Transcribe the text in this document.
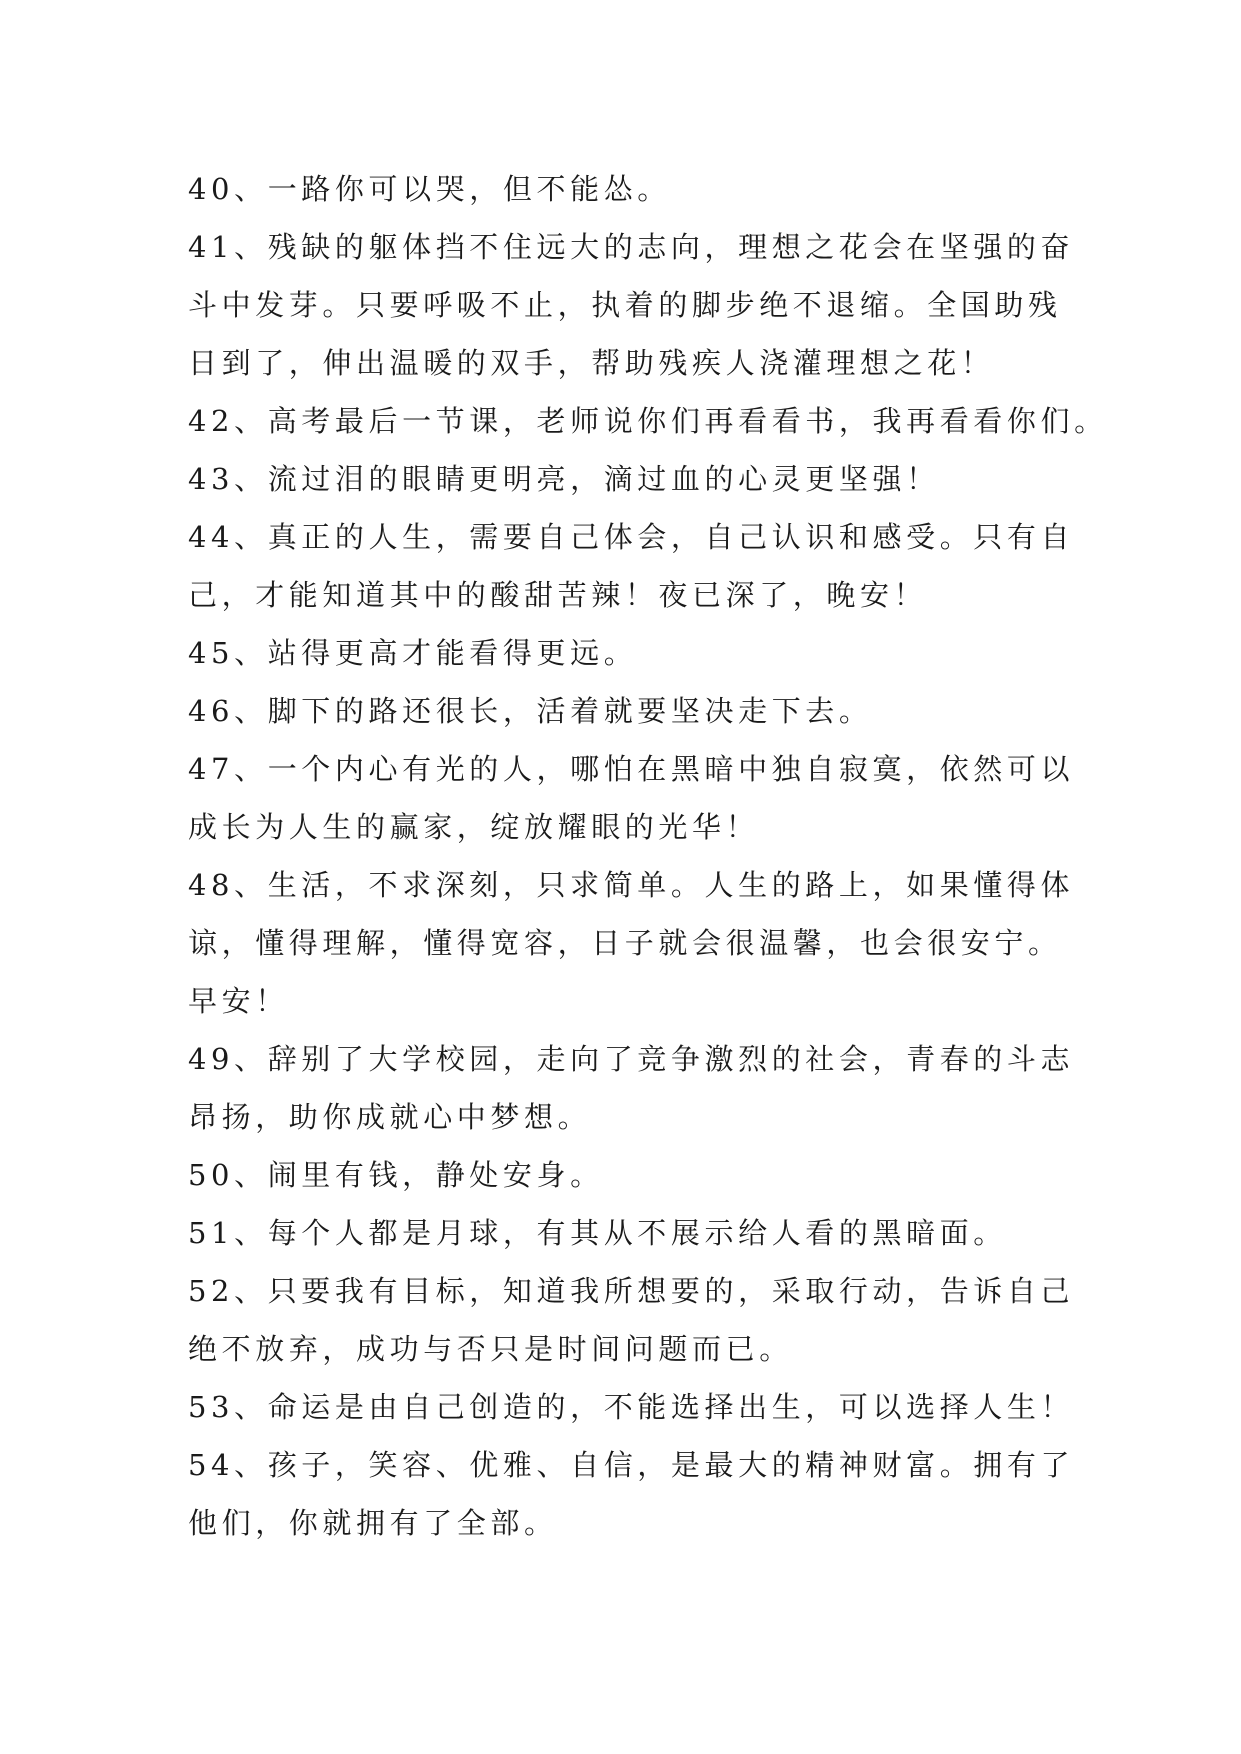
40、一路你可以哭，但不能怂。
41、残缺的躯体挡不住远大的志向，理想之花会在坚强的奋
斗中发芽。只要呼吸不止，执着的脚步绝不退缩。全国助残
日到了，伸出温暖的双手，帮助残疾人浇灌理想之花！
42、高考最后一节课，老师说你们再看看书，我再看看你们。
43、流过泪的眼睛更明亮，滴过血的心灵更坚强！
44、真正的人生，需要自己体会，自己认识和感受。只有自
己，才能知道其中的酸甜苦辣！夜已深了，晚安！
45、站得更高才能看得更远。
46、脚下的路还很长，活着就要坚决走下去。
47、一个内心有光的人，哪怕在黑暗中独自寂寞，依然可以
成长为人生的赢家，绽放耀眼的光华！
48、生活，不求深刻，只求简单。人生的路上，如果懂得体
谅，懂得理解，懂得宽容，日子就会很温馨，也会很安宁。
早安！
49、辞别了大学校园，走向了竞争激烈的社会，青春的斗志
昂扬，助你成就心中梦想。
50、闹里有钱，静处安身。
51、每个人都是月球，有其从不展示给人看的黑暗面。
52、只要我有目标，知道我所想要的，采取行动，告诉自己
绝不放弃，成功与否只是时间问题而已。
53、命运是由自己创造的，不能选择出生，可以选择人生！
54、孩子，笑容、优雅、自信，是最大的精神财富。拥有了
他们，你就拥有了全部。
